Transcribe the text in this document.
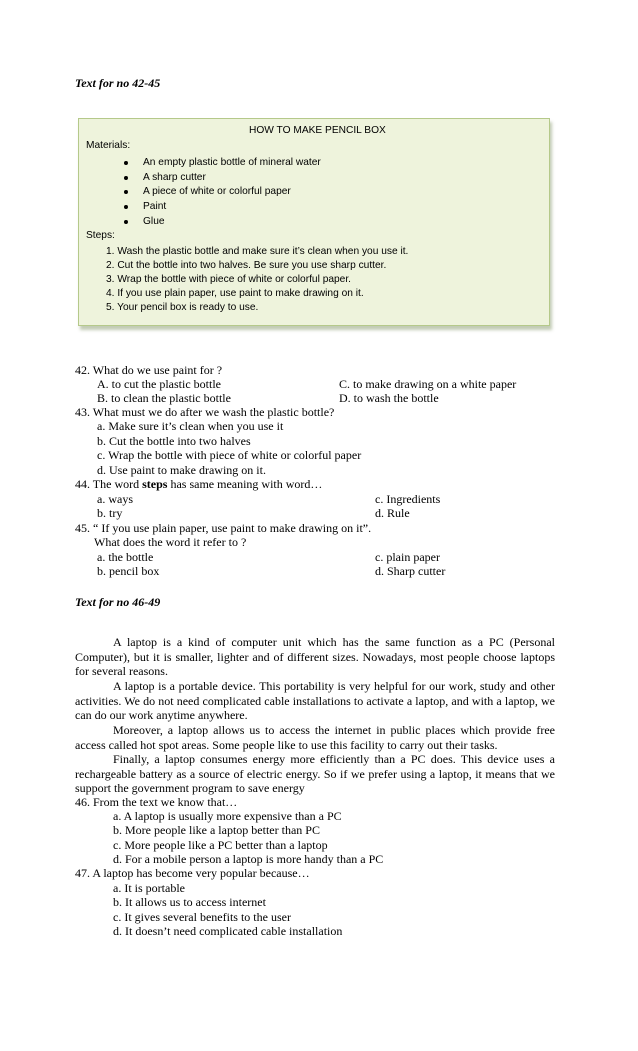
Text for no 42-45
HOW TO MAKE PENCIL BOX
Materials:
An empty plastic bottle of mineral water
A sharp cutter
A piece of white or colorful paper
Paint
Glue
Steps:
1. Wash the plastic bottle and make sure it’s clean when you use it.
2. Cut the bottle into two halves. Be sure you use sharp cutter.
3. Wrap the bottle with piece of white or colorful paper.
4. If you use plain paper, use paint to make drawing on it.
5. Your pencil box is ready to use.
42. What do we use paint for ?
A. to cut the plastic bottle	C. to make drawing on a white paper
B. to clean the plastic bottle	D. to wash the bottle
43. What must we do after we wash the plastic bottle?
a. Make sure it’s clean when you use it
b. Cut the bottle into two halves
c. Wrap the bottle with piece of white or colorful paper
d. Use paint to make drawing on it.
44. The word steps has same meaning with word…
a. ways	c. Ingredients
b. try	d. Rule
45. “ If you use plain paper, use paint to make drawing on it”.
What does the word it refer to ?
a. the bottle	c. plain paper
b. pencil box	d. Sharp cutter
Text for no 46-49
A laptop is a kind of computer unit which has the same function as a PC (Personal Computer), but it is smaller, lighter and of different sizes. Nowadays, most people choose laptops for several reasons.
A laptop is a portable device. This portability is very helpful for our work, study and other activities. We do not need complicated cable installations to activate a laptop, and with a laptop, we can do our work anytime anywhere.
Moreover, a laptop allows us to access the internet in public places which provide free access called hot spot areas. Some people like to use this facility to carry out their tasks.
Finally, a laptop consumes energy more efficiently than a PC does. This device uses a rechargeable battery as a source of electric energy. So if we prefer using a laptop, it means that we support the government program to save energy
46. From the text we know that…
a. A laptop is usually more expensive than a PC
b. More people like a laptop better than PC
c. More people like a PC better than a laptop
d. For a mobile person a laptop is more handy than a PC
47. A laptop has become very popular because…
a. It is portable
b. It allows us to access internet
c. It gives several benefits to the user
d. It doesn’t need complicated cable installation
